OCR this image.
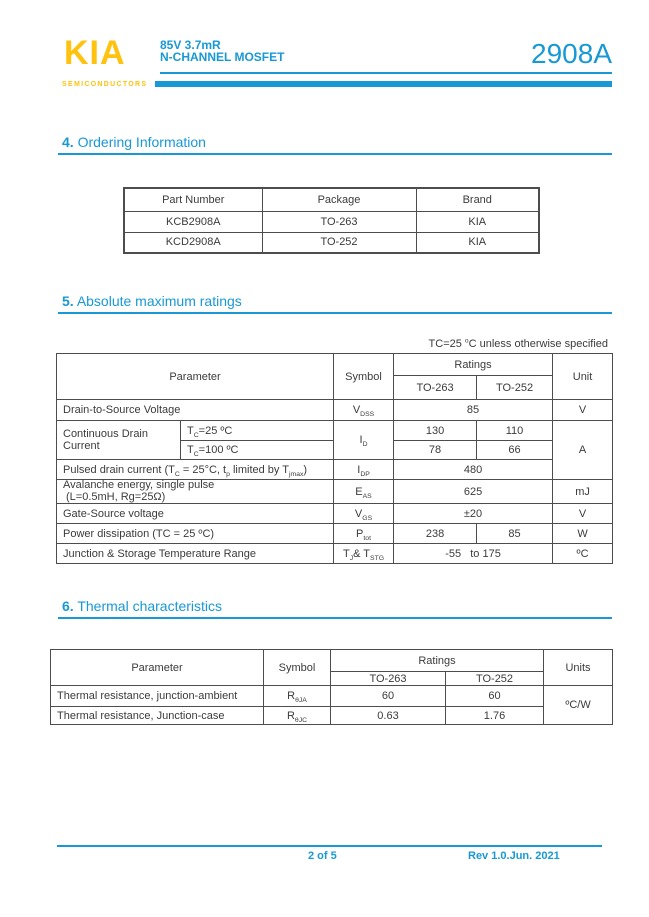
KIA
SEMICONDUCTORS
85V 3.7mR
N-CHANNEL MOSFET	2908A
4. Ordering Information
Part Number	Package	Brand
KCB2908A	TO-263	KIA
KCD2908A	TO-252	KIA
5. Absolute maximum ratings
TC=25 $^o$C unless otherwise specified
Parameter		Symbol	Ratings		Unit
			TO-263	TO-252	
Drain-to-Source Voltage		$V_{DSS}$	85		V
Continuous Drain Current	$T_C=25$ ºC	$I_D$	130	110	A
	$T_C=100$ ºC		78	66	
Pulsed drain current ($T_C = 25^\circ C$, $t_p$ limited by $T_{jmax}$)		$I_{DP}$	480		

Avalanche energy, single pulse
(L=0.5mH, Rg=25Ω)		$E_{AS}$	625		mJ
Gate-Source voltage		$V_{GS}$	±20		V
Power dissipation (TC = 25 ºC)		$P_{tot}$	238	85	W
Junction & Storage Temperature Range		$T_J\&$ $T_{STG}$	-55   to 175		ºC
6. Thermal characteristics
Parameter	Symbol	Ratings		Units
		TO-263	TO-252	
Thermal resistance, junction-ambient	$R_{\theta JA}$	60	60	ºC/W
Thermal resistance, Junction-case	$R_{\theta JC}$	0.63	1.76	
2 of 5	Rev 1.0.Jun. 2021
